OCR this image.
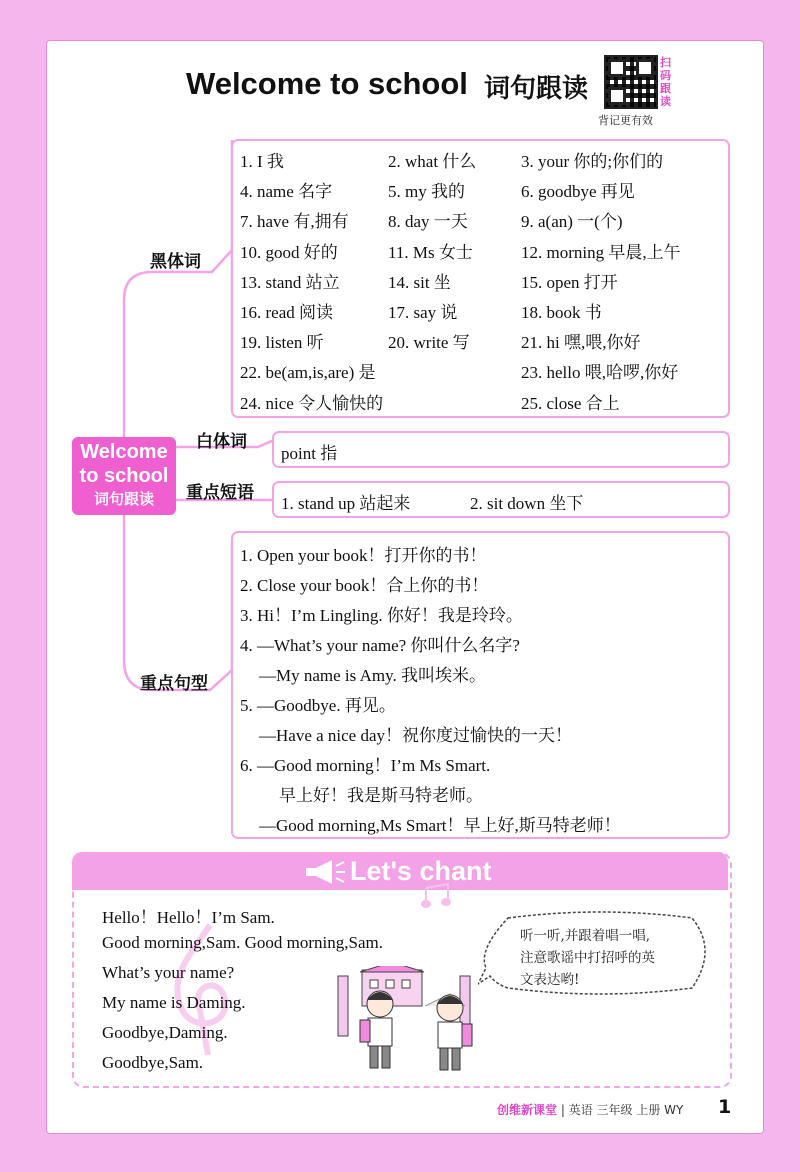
Welcome to school 词句跟读
扫码跟读
背记更有效
Welcome
to school
词句跟读
黑体词
白体词
重点短语
重点句型
1. I 我	2. what 什么	3. your 你的;你们的
4. name 名字	5. my 我的	6. goodbye 再见
7. have 有,拥有 8. day 一天	9. a(an) 一(个)
10. good 好的	11. Ms 女士	12. morning 早晨,上午
13. stand 站立	14. sit 坐	15. open 打开
16. read 阅读	17. say 说	18. book 书
19. listen 听	20. write 写	21. hi 嘿,喂,你好
22. be(am,is,are) 是	23. hello 喂,哈啰,你好
24. nice 令人愉快的	25. close 合上
point 指
1. stand up 站起来	2. sit down 坐下
1. Open your book！打开你的书！
2. Close your book！合上你的书！
3. Hi！I’m Lingling. 你好！我是玲玲。
4. —What’s your name? 你叫什么名字?
—My name is Amy. 我叫埃米。
5. —Goodbye. 再见。
—Have a nice day！祝你度过愉快的一天！
6. —Good morning！I’m Ms Smart.
早上好！我是斯马特老师。
—Good morning,Ms Smart！早上好,斯马特老师！
Let's chant
Hello！Hello！I’m Sam.
Good morning,Sam. Good morning,Sam.
What’s your name?
My name is Daming.
Goodbye,Daming.
Goodbye,Sam.
听一听,并跟着唱一唱,
注意歌谣中打招呼的英
文表达哟!
创维新课堂 | 英语 三年级 上册 WY 1
